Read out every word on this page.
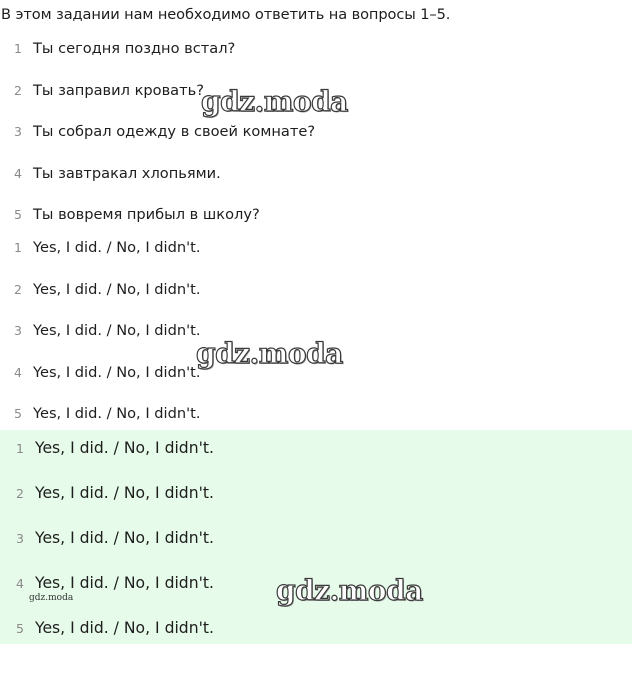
В этом задании нам необходимо ответить на вопросы 1–5.
1 Ты сегодня поздно встал?
2 Ты заправил кровать?
3 Ты собрал одежду в своей комнате?
4 Ты завтракал хлопьями.
5 Ты вовремя прибыл в школу?
1 Yes, I did. / No, I didn't.
2 Yes, I did. / No, I didn't.
3 Yes, I did. / No, I didn't.
4 Yes, I did. / No, I didn't.
5 Yes, I did. / No, I didn't.
1 Yes, I did. / No, I didn't.
2 Yes, I did. / No, I didn't.
3 Yes, I did. / No, I didn't.
4 Yes, I did. / No, I didn't.
5 Yes, I did. / No, I didn't.
gdz.moda
gdz.moda
gdz.moda
gdz.moda
